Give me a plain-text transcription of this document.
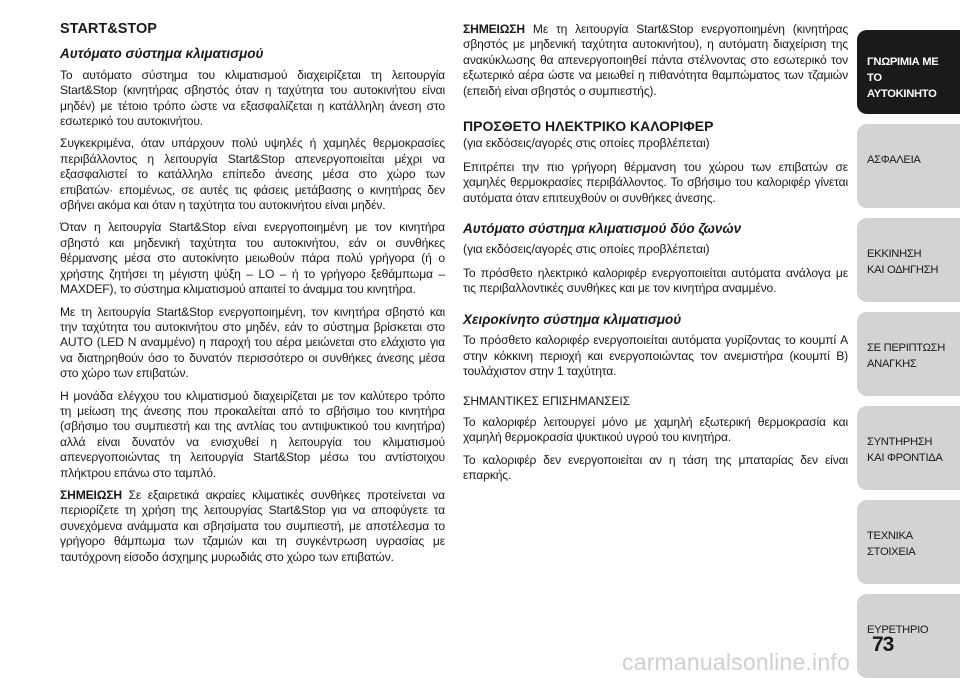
START&STOP
Αυτόματο σύστημα κλιματισμού

Το αυτόματο σύστημα του κλιματισμού διαχειρίζεται τη λειτουργία Start&Stop (κινητήρας σβηστός όταν η ταχύτητα του αυτοκινήτου είναι μηδέν) με τέτοιο τρόπο ώστε να εξασφαλίζεται η κατάλληλη άνεση στο εσωτερικό του αυτοκινήτου.

Συγκεκριμένα, όταν υπάρχουν πολύ υψηλές ή χαμηλές θερμοκρασίες περιβάλλοντος η λειτουργία Start&Stop απενεργοποιείται μέχρι να εξασφαλιστεί το κατάλληλο επίπεδο άνεσης μέσα στο χώρο των επιβατών· επομένως, σε αυτές τις φάσεις μετάβασης ο κινητήρας δεν σβήνει ακόμα και όταν η ταχύτητα του αυτοκινήτου είναι μηδέν.

Όταν η λειτουργία Start&Stop είναι ενεργοποιημένη με τον κινητήρα σβηστό και μηδενική ταχύτητα του αυτοκινήτου, εάν οι συνθήκες θέρμανσης μέσα στο αυτοκίνητο μειωθούν πάρα πολύ γρήγορα (ή ο χρήστης ζητήσει τη μέγιστη ψύξη – LO – ή το γρήγορο ξεθάμπωμα – MAXDEF), το σύστημα κλιματισμού απαιτεί το άναμμα του κινητήρα.

Με τη λειτουργία Start&Stop ενεργοποιημένη, τον κινητήρα σβηστό και την ταχύτητα του αυτοκινήτου στο μηδέν, εάν το σύστημα βρίσκεται στο AUTO (LED N αναμμένο) η παροχή του αέρα μειώνεται στο ελάχιστο για να διατηρηθούν όσο το δυνατόν περισσότερο οι συνθήκες άνεσης μέσα στο χώρο των επιβατών.

Η μονάδα ελέγχου του κλιματισμού διαχειρίζεται με τον καλύτερο τρόπο τη μείωση της άνεσης που προκαλείται από το σβήσιμο του κινητήρα (σβήσιμο του συμπιεστή και της αντλίας του αντιψυκτικού του κινητήρα) αλλά είναι δυνατόν να ενισχυθεί η λειτουργία του κλιματισμού απενεργοποιώντας τη λειτουργία Start&Stop μέσω του αντίστοιχου πλήκτρου επάνω στο ταμπλό.

ΣΗΜΕΙΩΣΗ Σε εξαιρετικά ακραίες κλιματικές συνθήκες προτείνεται να περιορίζετε τη χρήση της λειτουργίας Start&Stop για να αποφύγετε τα συνεχόμενα ανάμματα και σβησίματα του συμπιεστή, με αποτέλεσμα το γρήγορο θάμπωμα των τζαμιών και τη συγκέντρωση υγρασίας με ταυτόχρονη είσοδο άσχημης μυρωδιάς στο χώρο των επιβατών.

ΣΗΜΕΙΩΣΗ Με τη λειτουργία Start&Stop ενεργοποιημένη (κινητήρας σβηστός με μηδενική ταχύτητα αυτοκινήτου), η αυτόματη διαχείριση της ανακύκλωσης θα απενεργοποιηθεί πάντα στέλνοντας στο εσωτερικό τον εξωτερικό αέρα ώστε να μειωθεί η πιθανότητα θαμπώματος των τζαμιών (επειδή είναι σβηστός ο συμπιεστής).

ΠΡΟΣΘΕΤΟ ΗΛΕΚΤΡΙΚΟ ΚΑΛΟΡΙΦΕΡ

(για εκδόσεις/αγορές στις οποίες προβλέπεται)

Επιτρέπει την πιο γρήγορη θέρμανση του χώρου των επιβατών σε χαμηλές θερμοκρασίες περιβάλλοντος. Το σβήσιμο του καλοριφέρ γίνεται αυτόματα όταν επιτευχθούν οι συνθήκες άνεσης.

Αυτόματο σύστημα κλιματισμού δύο ζωνών

(για εκδόσεις/αγορές στις οποίες προβλέπεται)

Το πρόσθετο ηλεκτρικό καλοριφέρ ενεργοποιείται αυτόματα ανάλογα με τις περιβαλλοντικές συνθήκες και με τον κινητήρα αναμμένο.

Χειροκίνητο σύστημα κλιματισμού

Το πρόσθετο καλοριφέρ ενεργοποιείται αυτόματα γυρίζοντας το κουμπί A στην κόκκινη περιοχή και ενεργοποιώντας τον ανεμιστήρα (κουμπί B) τουλάχιστον στην 1 ταχύτητα.

ΣΗΜΑΝΤΙΚΕΣ ΕΠΙΣΗΜΑΝΣΕΙΣ

Το καλοριφέρ λειτουργεί μόνο με χαμηλή εξωτερική θερμοκρασία και χαμηλή θερμοκρασία ψυκτικού υγρού του κινητήρα.

Το καλοριφέρ δεν ενεργοποιείται αν η τάση της μπαταρίας δεν είναι επαρκής.

ΓΝΩΡΙΜΙΑ ΜΕ ΤΟ
ΑΥΤΟΚΙΝΗΤΟ
ΑΣΦΑΛΕΙΑ
ΕΚΚΙΝΗΣΗ
ΚΑΙ ΟΔΗΓΗΣΗ
ΣΕ ΠΕΡΙΠΤΩΣΗ
ΑΝΑΓΚΗΣ
ΣΥΝΤΗΡΗΣΗ
ΚΑΙ ΦΡΟΝΤΙΔΑ
ΤΕΧΝΙΚΑ
ΣΤΟΙΧΕΙΑ
ΕΥΡΕΤΗΡΙΟ
73
carmanualsonline.info
